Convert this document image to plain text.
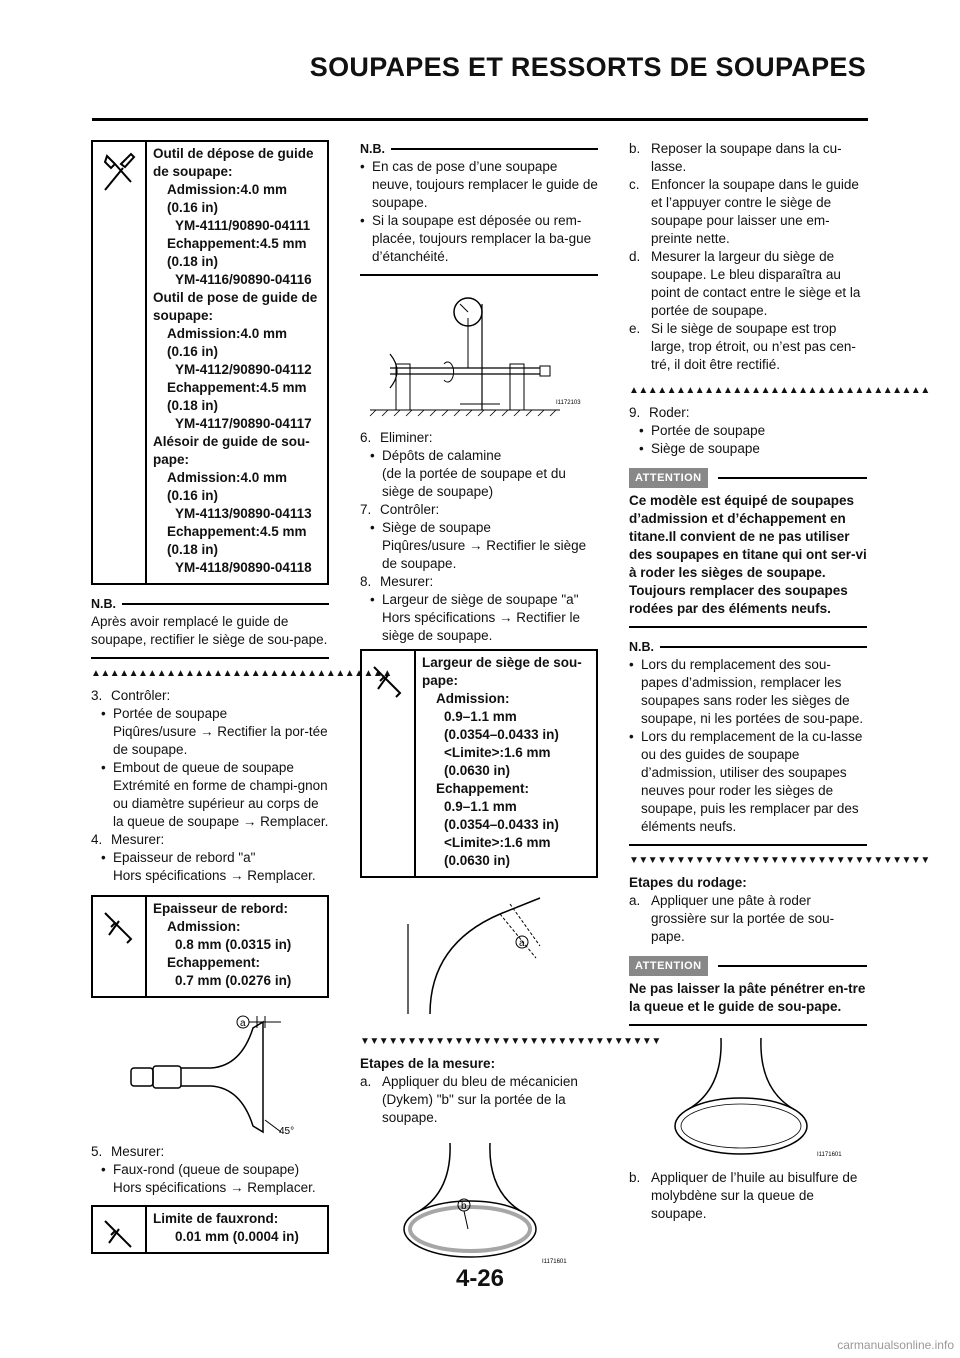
SOUPAPES ET RESSORTS DE SOUPAPES
Outil de dépose de guide
de soupape:
Admission:4.0 mm
(0.16 in)
YM-4111/90890-04111
Echappement:4.5 mm
(0.18 in)
YM-4116/90890-04116
Outil de pose de guide de
soupape:
Admission:4.0 mm
(0.16 in)
YM-4112/90890-04112
Echappement:4.5 mm
(0.18 in)
YM-4117/90890-04117
Alésoir de guide de sou-
pape:
Admission:4.0 mm
(0.16 in)
YM-4113/90890-04113
Echappement:4.5 mm
(0.18 in)
YM-4118/90890-04118
N.B.

Après avoir remplacé le guide de soupape, rectifier le siège de sou-pape.

▲▲▲▲▲▲▲▲▲▲▲▲▲▲▲▲▲▲▲▲▲▲▲▲▲▲▲▲▲▲▲▲
3. Contrôler:
• Portée de soupape
Piqûres/usure → Rectifier la por-tée de soupape.
• Embout de queue de soupape
Extrémité en forme de champi-gnon ou diamètre supérieur au corps de la queue de soupape → Remplacer.
4. Mesurer:
• Epaisseur de rebord "a"
Hors spécifications → Remplacer.
Epaisseur de rebord:
Admission:
0.8 mm (0.0315 in)
Echappement:
0.7 mm (0.0276 in)
a
45°
5. Mesurer:
• Faux-rond (queue de soupape)
Hors spécifications → Remplacer.
Limite de fauxrond:
0.01 mm (0.0004 in)
N.B.
• En cas de pose d’une soupape neuve, toujours remplacer le guide de soupape.
• Si la soupape est déposée ou rem-placée, toujours remplacer la ba-gue d’étanchéité.
I1172103
6. Eliminer:
• Dépôts de calamine
(de la portée de soupape et du siège de soupape)
7. Contrôler:
• Siège de soupape
Piqûres/usure → Rectifier le siège de soupape.
8. Mesurer:
• Largeur de siège de soupape "a"
Hors spécifications → Rectifier le siège de soupape.
Largeur de siège de sou-
pape:
Admission:
0.9–1.1 mm
(0.0354–0.0433 in)
<Limite>:1.6 mm
(0.0630 in)
Echappement:
0.9–1.1 mm
(0.0354–0.0433 in)
<Limite>:1.6 mm
(0.0630 in)
a
▼▼▼▼▼▼▼▼▼▼▼▼▼▼▼▼▼▼▼▼▼▼▼▼▼▼▼▼▼▼▼▼
Etapes de la mesure:
a. Appliquer du bleu de mécanicien (Dykem) "b" sur la portée de la soupape.
b
I1171601
b. Reposer la soupape dans la cu-lasse.
c. Enfoncer la soupape dans le guide et l’appuyer contre le siège de soupape pour laisser une em-preinte nette.
d. Mesurer la largeur du siège de soupape. Le bleu disparaîtra au point de contact entre le siège et la portée de soupape.
e. Si le siège de soupape est trop large, trop étroit, ou n’est pas cen-tré, il doit être rectifié.
▲▲▲▲▲▲▲▲▲▲▲▲▲▲▲▲▲▲▲▲▲▲▲▲▲▲▲▲▲▲▲▲
9. Roder:
• Portée de soupape
• Siège de soupape
ATTENTION

Ce modèle est équipé de soupapes d’admission et d’échappement en titane.Il convient de ne pas utiliser des soupapes en titane qui ont ser-vi à roder les sièges de soupape. Toujours remplacer des soupapes rodées par des éléments neufs.

N.B.
• Lors du remplacement des sou-papes d’admission, remplacer les soupapes sans roder les sièges de soupape, ni les portées de sou-pape.
• Lors du remplacement de la cu-lasse ou des guides de soupape d’admission, utiliser des soupapes neuves pour roder les sièges de soupape, puis les remplacer par des éléments neufs.
▼▼▼▼▼▼▼▼▼▼▼▼▼▼▼▼▼▼▼▼▼▼▼▼▼▼▼▼▼▼▼▼
Etapes du rodage:
a. Appliquer une pâte à roder grossière sur la portée de sou-pape.
ATTENTION

Ne pas laisser la pâte pénétrer en-tre la queue et le guide de sou-pape.

I1171601
b. Appliquer de l’huile au bisulfure de molybdène sur la queue de soupape.
4-26
carmanualsonline.info
